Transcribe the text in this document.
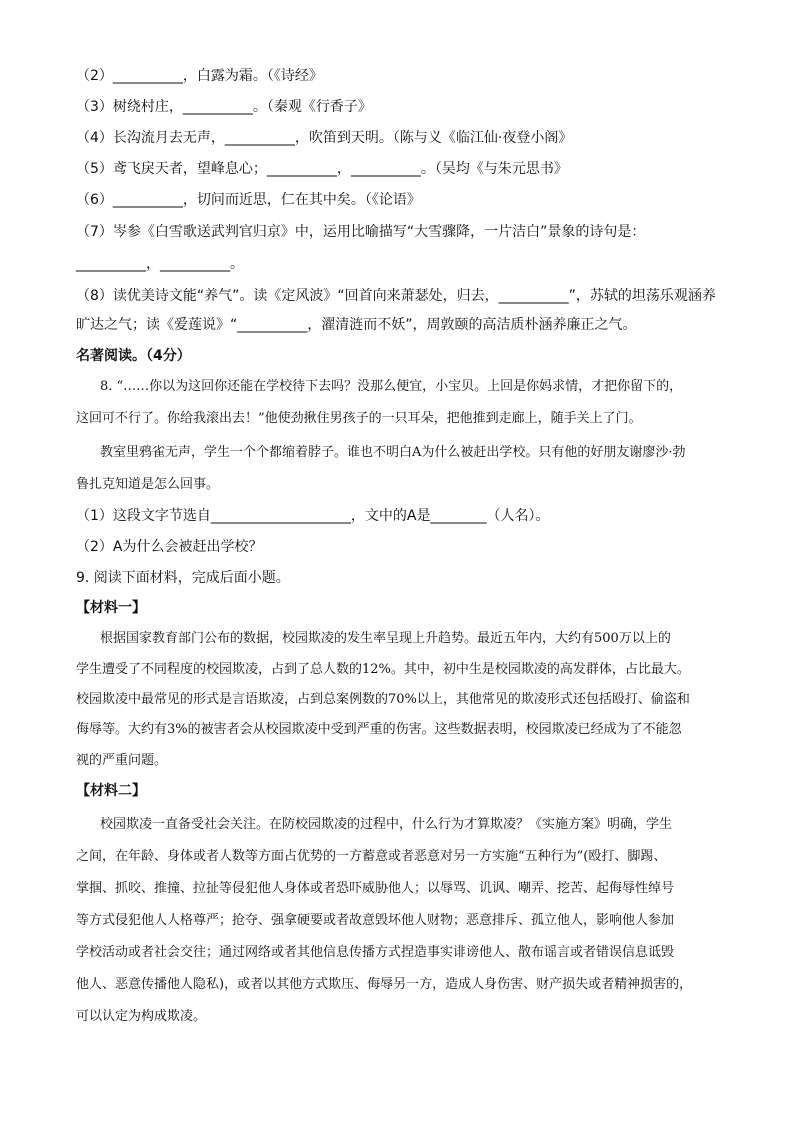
（2）__________，白露为霜。（《诗经》
（3）树绕村庄，__________。（秦观《行香子》
（4）长沟流月去无声，__________，吹笛到天明。（陈与义《临江仙·夜登小阁》
（5）鸢飞戾天者，望峰息心；__________，__________。（吴均《与朱元思书》
（6）__________，切问而近思，仁在其中矣。（《论语》
（7）岑参《白雪歌送武判官归京》中，运用比喻描写“大雪骤降，一片洁白”景象的诗句是：
__________，__________。
（8）读优美诗文能“养气”。读《定风波》“回首向来萧瑟处，归去，__________”，苏轼的坦荡乐观涵养
旷达之气；读《爱莲说》“__________，濯清涟而不妖”，周敦颐的高洁质朴涵养廉正之气。
名著阅读。（4分）
8. “……你以为这回你还能在学校待下去吗？没那么便宜，小宝贝。上回是你妈求情，才把你留下的，
这回可不行了。你给我滚出去！”他使劲揪住男孩子的一只耳朵，把他推到走廊上，随手关上了门。
教室里鸦雀无声，学生一个个都缩着脖子。谁也不明白A为什么被赶出学校。只有他的好朋友谢廖沙·勃
鲁扎克知道是怎么回事。
（1）这段文字节选自____________________，文中的A是________（人名）。
（2）A为什么会被赶出学校？
9. 阅读下面材料，完成后面小题。
【材料一】
根据国家教育部门公布的数据，校园欺凌的发生率呈现上升趋势。最近五年内，大约有500万以上的
学生遭受了不同程度的校园欺凌，占到了总人数的12%。其中，初中生是校园欺凌的高发群体，占比最大。
校园欺凌中最常见的形式是言语欺凌，占到总案例数的70%以上，其他常见的欺凌形式还包括殴打、偷盗和
侮辱等。大约有3%的被害者会从校园欺凌中受到严重的伤害。这些数据表明，校园欺凌已经成为了不能忽
视的严重问题。
【材料二】
校园欺凌一直备受社会关注。在防校园欺凌的过程中，什么行为才算欺凌？《实施方案》明确，学生
之间，在年龄、身体或者人数等方面占优势的一方蓄意或者恶意对另一方实施“五种行为”(殴打、脚踢、
掌掴、抓咬、推撞、拉扯等侵犯他人身体或者恐吓威胁他人；以辱骂、讥讽、嘲弄、挖苦、起侮辱性绰号
等方式侵犯他人人格尊严；抢夺、强拿硬要或者故意毁坏他人财物；恶意排斥、孤立他人，影响他人参加
学校活动或者社会交往；通过网络或者其他信息传播方式捏造事实诽谤他人、散布谣言或者错误信息诋毁
他人、恶意传播他人隐私)，或者以其他方式欺压、侮辱另一方，造成人身伤害、财产损失或者精神损害的，
可以认定为构成欺凌。
